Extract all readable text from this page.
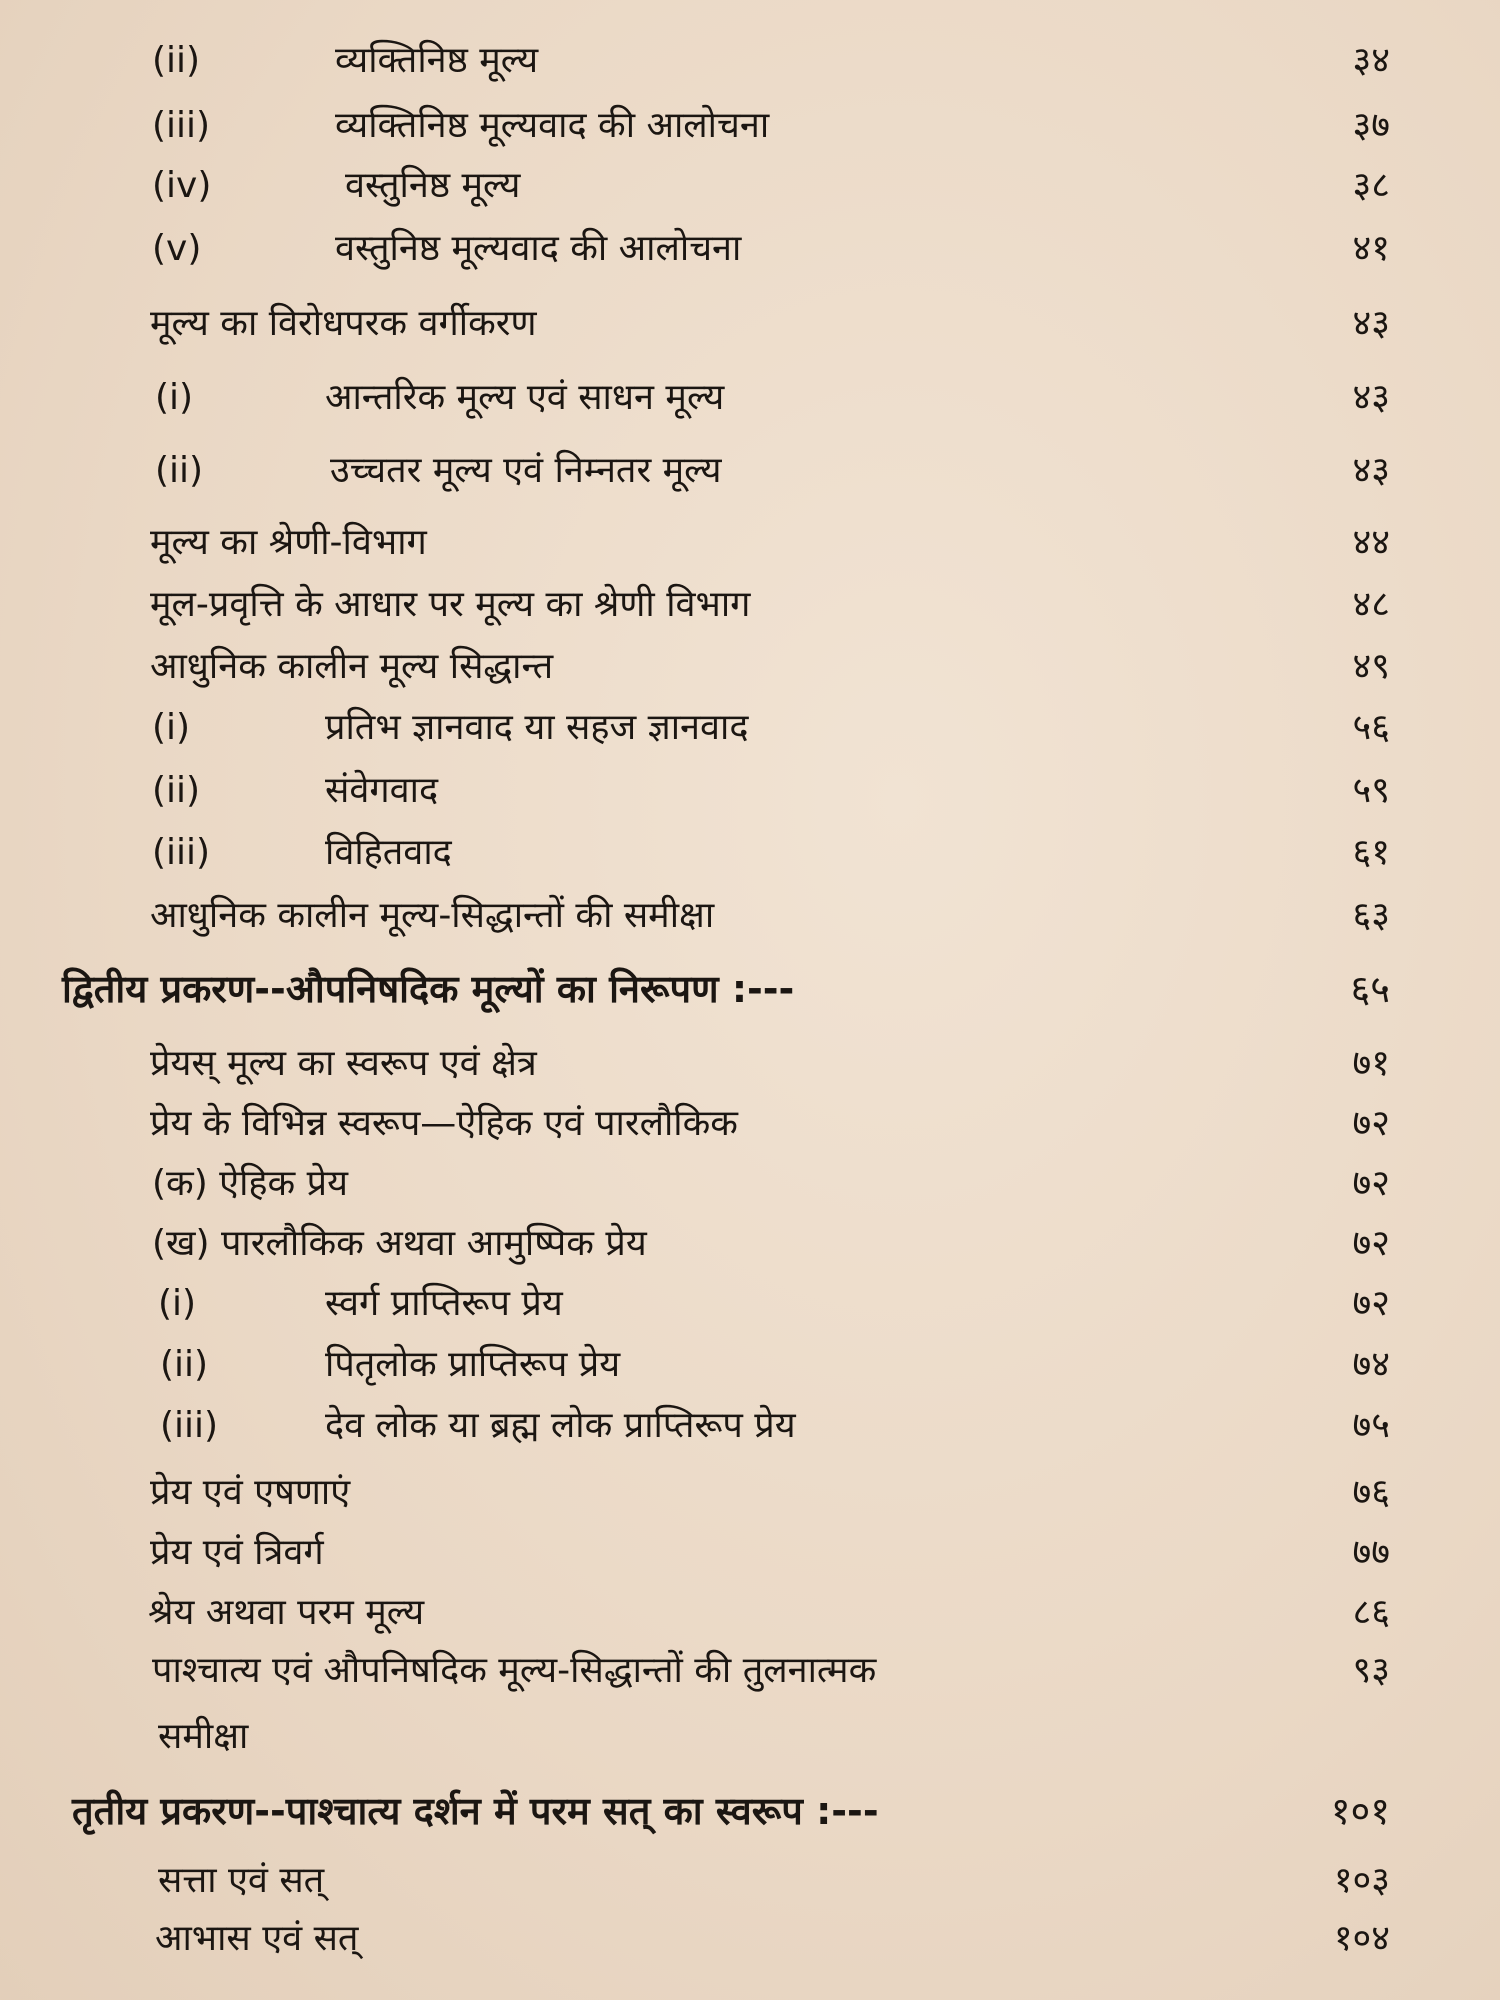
(ii)	व्यक्तिनिष्ठ मूल्य	३४
(iii)	व्यक्तिनिष्ठ मूल्यवाद की आलोचना	३७
(iv)	वस्तुनिष्ठ मूल्य	३८
(v)	वस्तुनिष्ठ मूल्यवाद की आलोचना	४१
मूल्य का विरोधपरक वर्गीकरण	४३
(i)	आन्तरिक मूल्य एवं साधन मूल्य	४३
(ii)	उच्चतर मूल्य एवं निम्नतर मूल्य	४३
मूल्य का श्रेणी-विभाग	४४
मूल-प्रवृत्ति के आधार पर मूल्य का श्रेणी विभाग	४८
आधुनिक कालीन मूल्य सिद्धान्त	४९
(i)	प्रतिभ ज्ञानवाद या सहज ज्ञानवाद	५६
(ii)	संवेगवाद	५९
(iii)	विहितवाद	६१
आधुनिक कालीन मूल्य-सिद्धान्तों की समीक्षा	६३
द्वितीय प्रकरण--औपनिषदिक मूल्यों का निरूपण :---	६५
प्रेयस् मूल्य का स्वरूप एवं क्षेत्र	७१
प्रेय के विभिन्न स्वरूप—ऐहिक एवं पारलौकिक	७२
(क) ऐहिक प्रेय	७२
(ख) पारलौकिक अथवा आमुष्पिक प्रेय	७२
(i)	स्वर्ग प्राप्तिरूप प्रेय	७२
(ii)	पितृलोक प्राप्तिरूप प्रेय	७४
(iii)	देव लोक या ब्रह्म लोक प्राप्तिरूप प्रेय	७५
प्रेय एवं एषणाएं	७६
प्रेय एवं त्रिवर्ग	७७
श्रेय अथवा परम मूल्य	८६
पाश्चात्य एवं औपनिषदिक मूल्य-सिद्धान्तों की तुलनात्मक	९३
समीक्षा
तृतीय प्रकरण--पाश्चात्य दर्शन में परम सत् का स्वरूप :---	१०१
सत्ता एवं सत्	१०३
आभास एवं सत्	१०४
